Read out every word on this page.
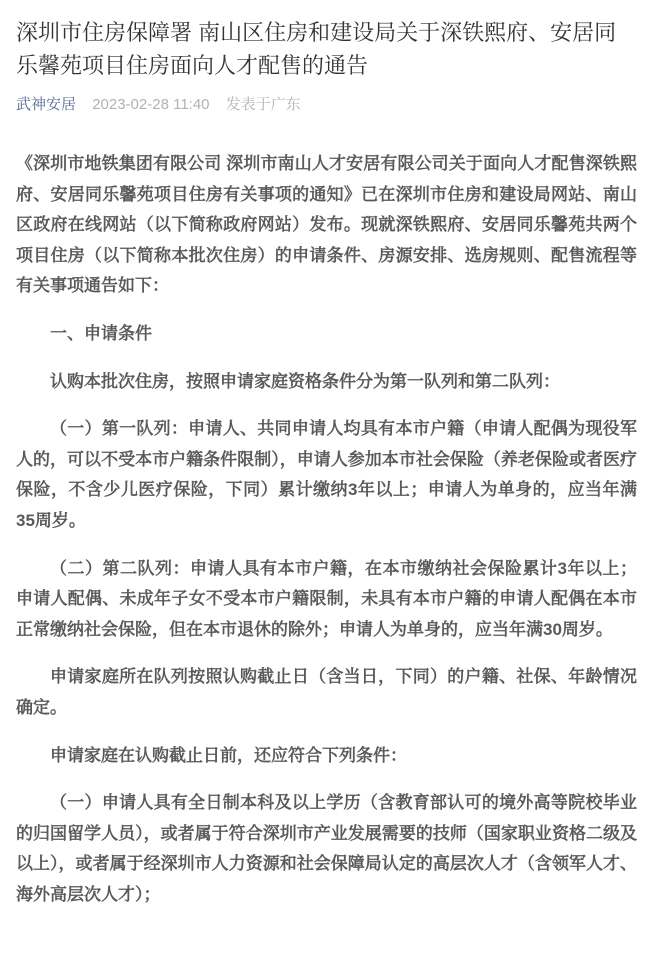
深圳市住房保障署 南山区住房和建设局关于深铁熙府、安居同乐馨苑项目住房面向人才配售的通告
武神安居 2023-02-28 11:40 发表于广东

《深圳市地铁集团有限公司 深圳市南山人才安居有限公司关于面向人才配售深铁熙府、安居同乐馨苑项目住房有关事项的通知》已在深圳市住房和建设局网站、南山区政府在线网站（以下简称政府网站）发布。现就深铁熙府、安居同乐馨苑共两个项目住房（以下简称本批次住房）的申请条件、房源安排、选房规则、配售流程等有关事项通告如下：

一、申请条件

认购本批次住房，按照申请家庭资格条件分为第一队列和第二队列：

（一）第一队列：申请人、共同申请人均具有本市户籍（申请人配偶为现役军人的，可以不受本市户籍条件限制），申请人参加本市社会保险（养老保险或者医疗保险，不含少儿医疗保险，下同）累计缴纳3年以上；申请人为单身的，应当年满35周岁。

（二）第二队列：申请人具有本市户籍，在本市缴纳社会保险累计3年以上；申请人配偶、未成年子女不受本市户籍限制，未具有本市户籍的申请人配偶在本市正常缴纳社会保险，但在本市退休的除外；申请人为单身的，应当年满30周岁。

申请家庭所在队列按照认购截止日（含当日，下同）的户籍、社保、年龄情况确定。

申请家庭在认购截止日前，还应符合下列条件：

（一）申请人具有全日制本科及以上学历（含教育部认可的境外高等院校毕业的归国留学人员），或者属于符合深圳市产业发展需要的技师（国家职业资格二级及以上），或者属于经深圳市人力资源和社会保障局认定的高层次人才（含领军人才、海外高层次人才）；
